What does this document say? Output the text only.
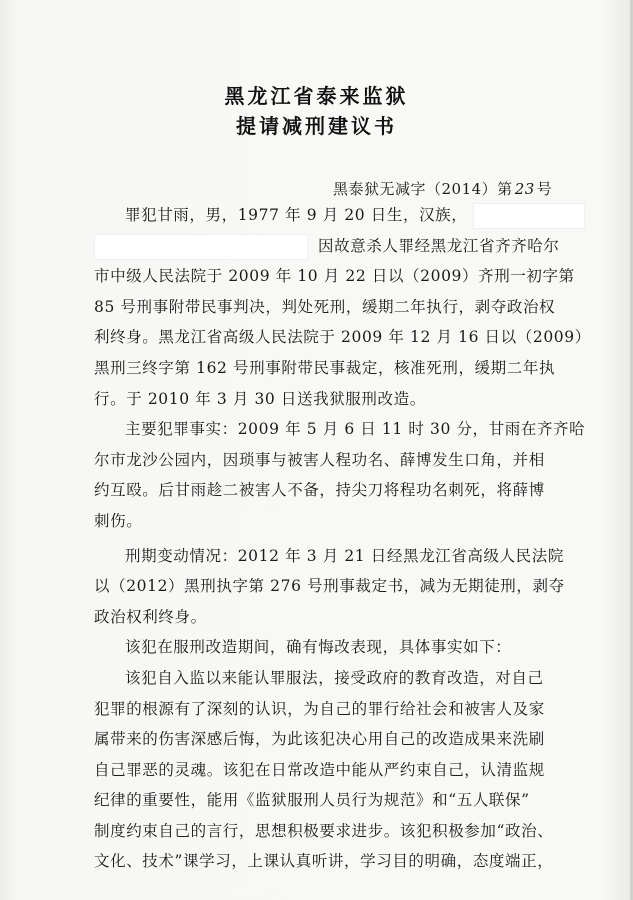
黑龙江省泰来监狱
提请减刑建议书
黑泰狱无减字（2014）第 23 号
罪犯甘雨，男，1977 年 9 月 20 日生，汉族，
因故意杀人罪经黑龙江省齐齐哈尔
市中级人民法院于 2009 年 10 月 22 日以（2009）齐刑一初字第
85 号刑事附带民事判决，判处死刑，缓期二年执行，剥夺政治权
利终身。黑龙江省高级人民法院于 2009 年 12 月 16 日以（2009）
黑刑三终字第 162 号刑事附带民事裁定，核准死刑，缓期二年执
行。于 2010 年 3 月 30 日送我狱服刑改造。
主要犯罪事实：2009 年 5 月 6 日 11 时 30 分，甘雨在齐齐哈
尔市龙沙公园内，因琐事与被害人程功名、薛博发生口角，并相
约互殴。后甘雨趁二被害人不备，持尖刀将程功名刺死，将薛博
刺伤。
刑期变动情况：2012 年 3 月 21 日经黑龙江省高级人民法院
以（2012）黑刑执字第 276 号刑事裁定书，减为无期徒刑，剥夺
政治权利终身。
该犯在服刑改造期间，确有悔改表现，具体事实如下：
该犯自入监以来能认罪服法，接受政府的教育改造，对自己
犯罪的根源有了深刻的认识，为自己的罪行给社会和被害人及家
属带来的伤害深感后悔，为此该犯决心用自己的改造成果来洗刷
自己罪恶的灵魂。该犯在日常改造中能从严约束自己，认清监规
纪律的重要性，能用《监狱服刑人员行为规范》和“五人联保”
制度约束自己的言行，思想积极要求进步。该犯积极参加“政治、
文化、技术”课学习，上课认真听讲，学习目的明确，态度端正，
